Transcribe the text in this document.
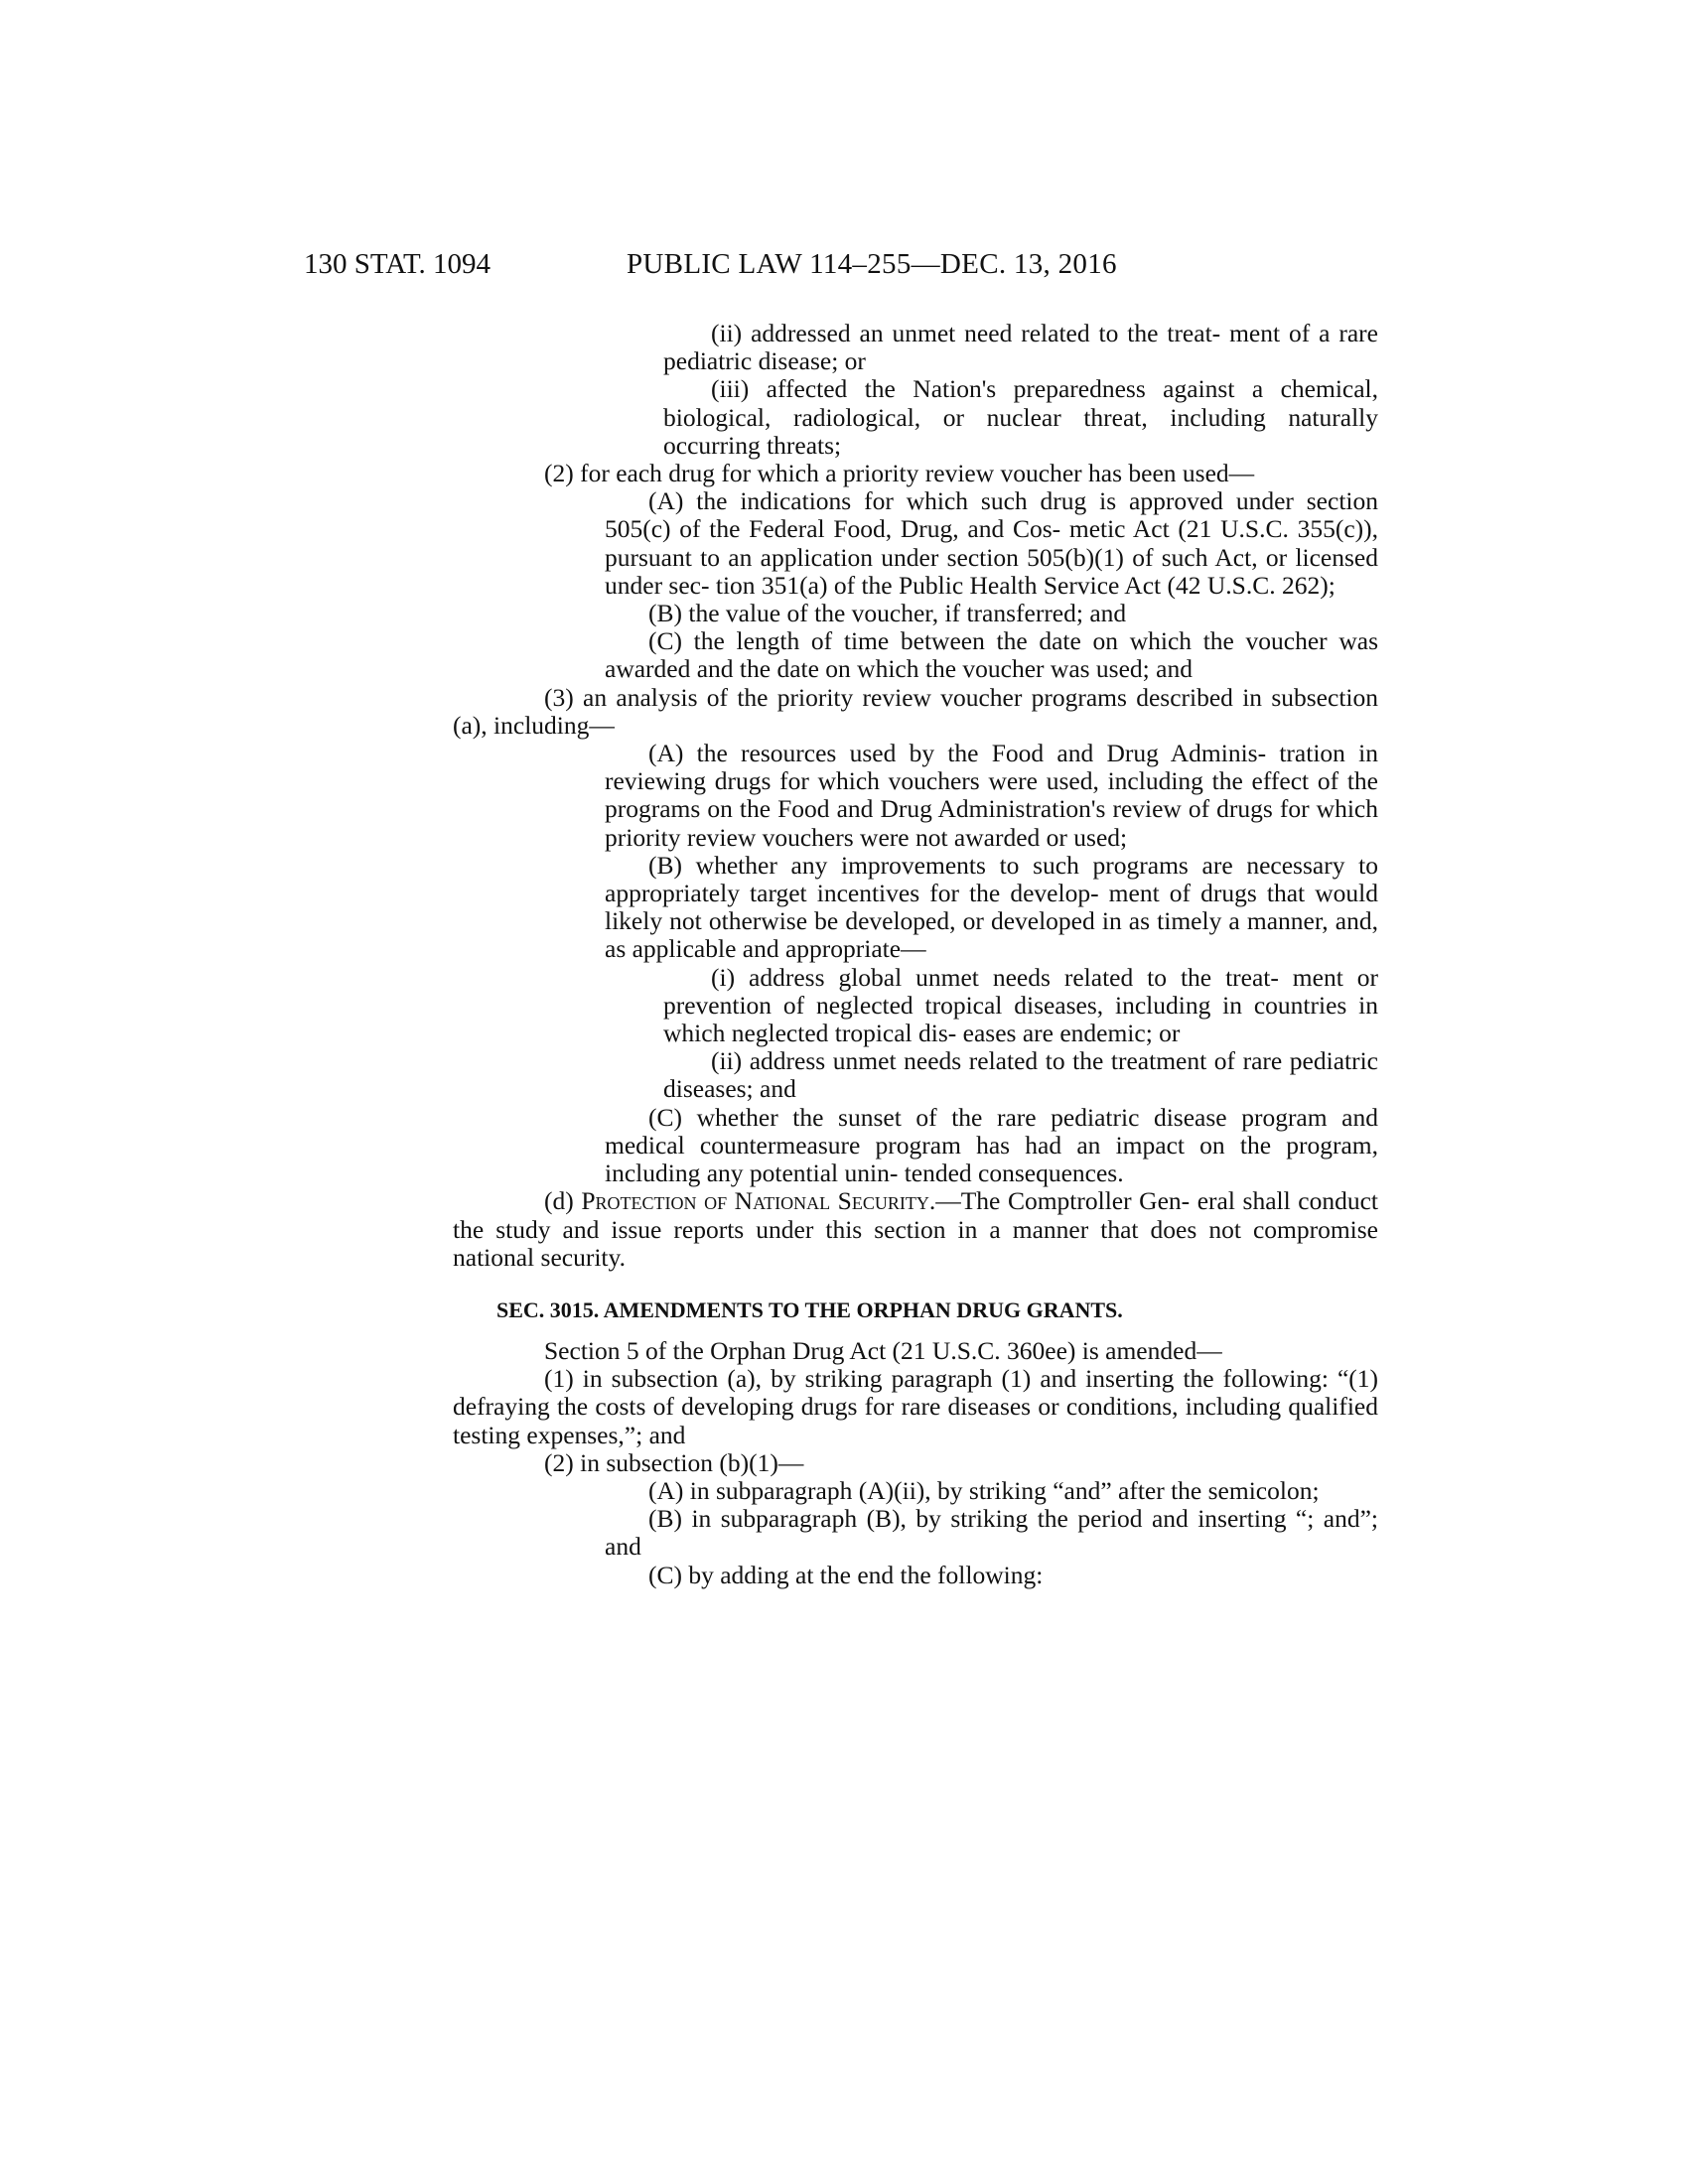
130 STAT. 1094	PUBLIC LAW 114–255—DEC. 13, 2016

(ii) addressed an unmet need related to the treat- ment of a rare pediatric disease; or

(iii) affected the Nation's preparedness against a chemical, biological, radiological, or nuclear threat, including naturally occurring threats;

(2) for each drug for which a priority review voucher has been used—

(A) the indications for which such drug is approved under section 505(c) of the Federal Food, Drug, and Cos- metic Act (21 U.S.C. 355(c)), pursuant to an application under section 505(b)(1) of such Act, or licensed under sec- tion 351(a) of the Public Health Service Act (42 U.S.C. 262);

(B) the value of the voucher, if transferred; and

(C) the length of time between the date on which the voucher was awarded and the date on which the voucher was used; and

(3) an analysis of the priority review voucher programs described in subsection (a), including—

(A) the resources used by the Food and Drug Adminis- tration in reviewing drugs for which vouchers were used, including the effect of the programs on the Food and Drug Administration's review of drugs for which priority review vouchers were not awarded or used;

(B) whether any improvements to such programs are necessary to appropriately target incentives for the develop- ment of drugs that would likely not otherwise be developed, or developed in as timely a manner, and, as applicable and appropriate—

(i) address global unmet needs related to the treat- ment or prevention of neglected tropical diseases, including in countries in which neglected tropical dis- eases are endemic; or

(ii) address unmet needs related to the treatment of rare pediatric diseases; and

(C) whether the sunset of the rare pediatric disease program and medical countermeasure program has had an impact on the program, including any potential unin- tended consequences.

(d) Protection of National Security.—The Comptroller Gen- eral shall conduct the study and issue reports under this section in a manner that does not compromise national security.

SEC. 3015. AMENDMENTS TO THE ORPHAN DRUG GRANTS.

Section 5 of the Orphan Drug Act (21 U.S.C. 360ee) is amended—

(1) in subsection (a), by striking paragraph (1) and inserting the following: “(1) defraying the costs of developing drugs for rare diseases or conditions, including qualified testing expenses,”; and

(2) in subsection (b)(1)—

(A) in subparagraph (A)(ii), by striking “and” after the semicolon;

(B) in subparagraph (B), by striking the period and inserting “; and”; and

(C) by adding at the end the following:
